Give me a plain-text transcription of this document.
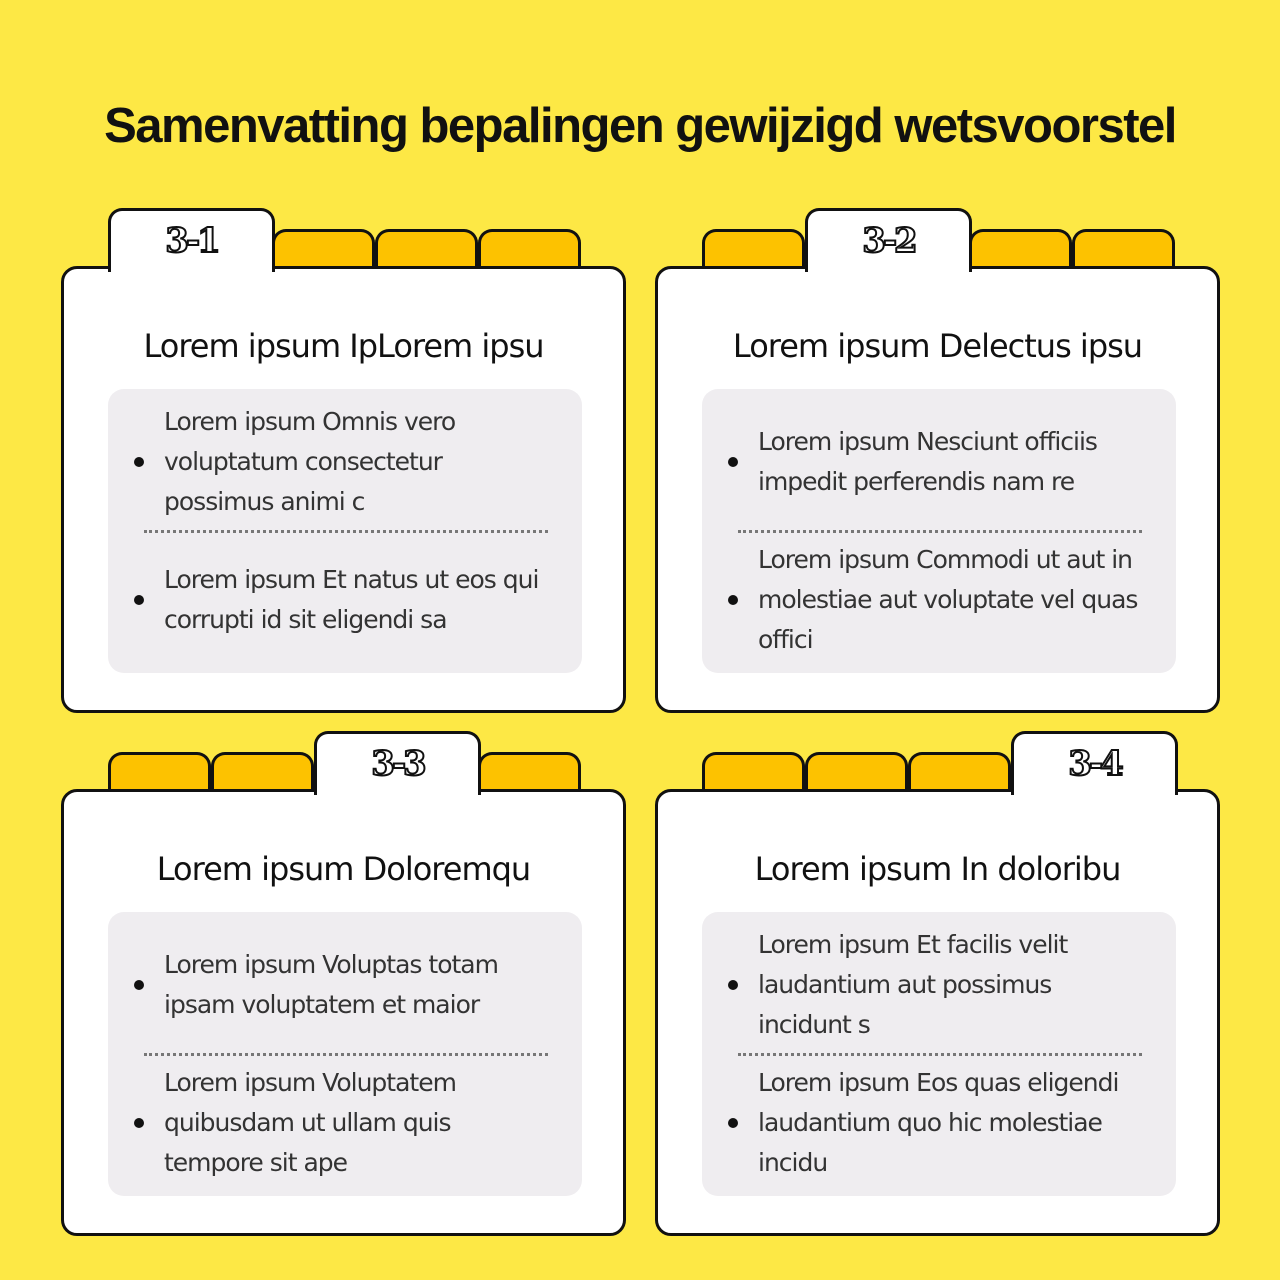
Samenvatting bepalingen gewijzigd wetsvoorstel
3-1
Lorem ipsum IpLorem ipsu
Lorem ipsum Omnis vero voluptatum consectetur possimus animi c
Lorem ipsum Et natus ut eos qui corrupti id sit eligendi sa
3-2
Lorem ipsum Delectus ipsu
Lorem ipsum Nesciunt officiis impedit perferendis nam re
Lorem ipsum Commodi ut aut in molestiae aut voluptate vel quas offici
3-3
Lorem ipsum Doloremqu
Lorem ipsum Voluptas totam ipsam voluptatem et maior
Lorem ipsum Voluptatem quibusdam ut ullam quis tempore sit ape
3-4
Lorem ipsum In doloribu
Lorem ipsum Et facilis velit laudantium aut possimus incidunt s
Lorem ipsum Eos quas eligendi laudantium quo hic molestiae incidu
